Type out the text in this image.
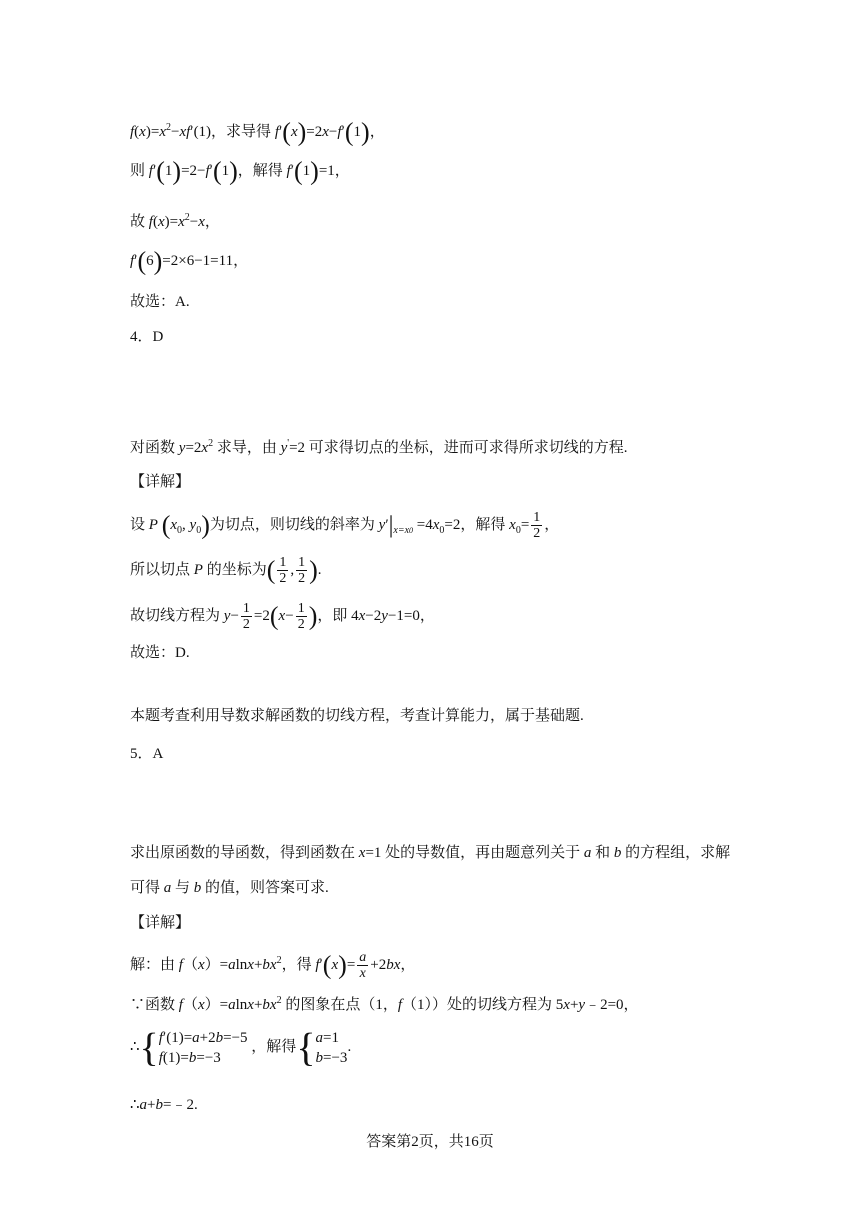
$f(x)=x^2-xf'(1)$，求导得 f′(x)=2x−f′(1)，
则 f′(1)=2−f′(1)，解得 f′(1)=1，
故 $f(x)=x^2-x$，
f′(6)=2×6−1=11，
故选：A.
4．D
对函数 $y=2x^2$ 求导，由 y'=2 可求得切点的坐标，进而可求得所求切线的方程.
【详解】
设 P ($x_0$, $y_0$)为切点，则切线的斜率为 $y'|_{x=x0} =4x_0=2$，解得 $x_0= \frac{1}{2}$ ，
所以切点 P 的坐标为( $\frac{1}{2}$ , $\frac{1}{2}$ ).
故切线方程为 $y- \frac{1}{2} =2(x- \frac{1}{2}$ )，即 4x−2y−1=0，
故选：D.
本题考查利用导数求解函数的切线方程，考查计算能力，属于基础题.
5．A
求出原函数的导函数，得到函数在 x=1 处的导数值，再由题意列关于 a 和 b 的方程组，求解
可得 a 与 b 的值，则答案可求.
【详解】
解：由 $f(x)=alnx+bx^2$，得 $f'(x)= \frac{a}{x} +2bx$，
∵函数 $f(x)=alnx+bx^2$ 的图象在点（1，f（1））处的切线方程为 5x+y﹣2=0，
∴{ f′(1)=a+2b=−5
f(1)=b=−3
，解得{ a=1
b=−3
.
∴a+b=﹣2.
答案第2页，共16页
